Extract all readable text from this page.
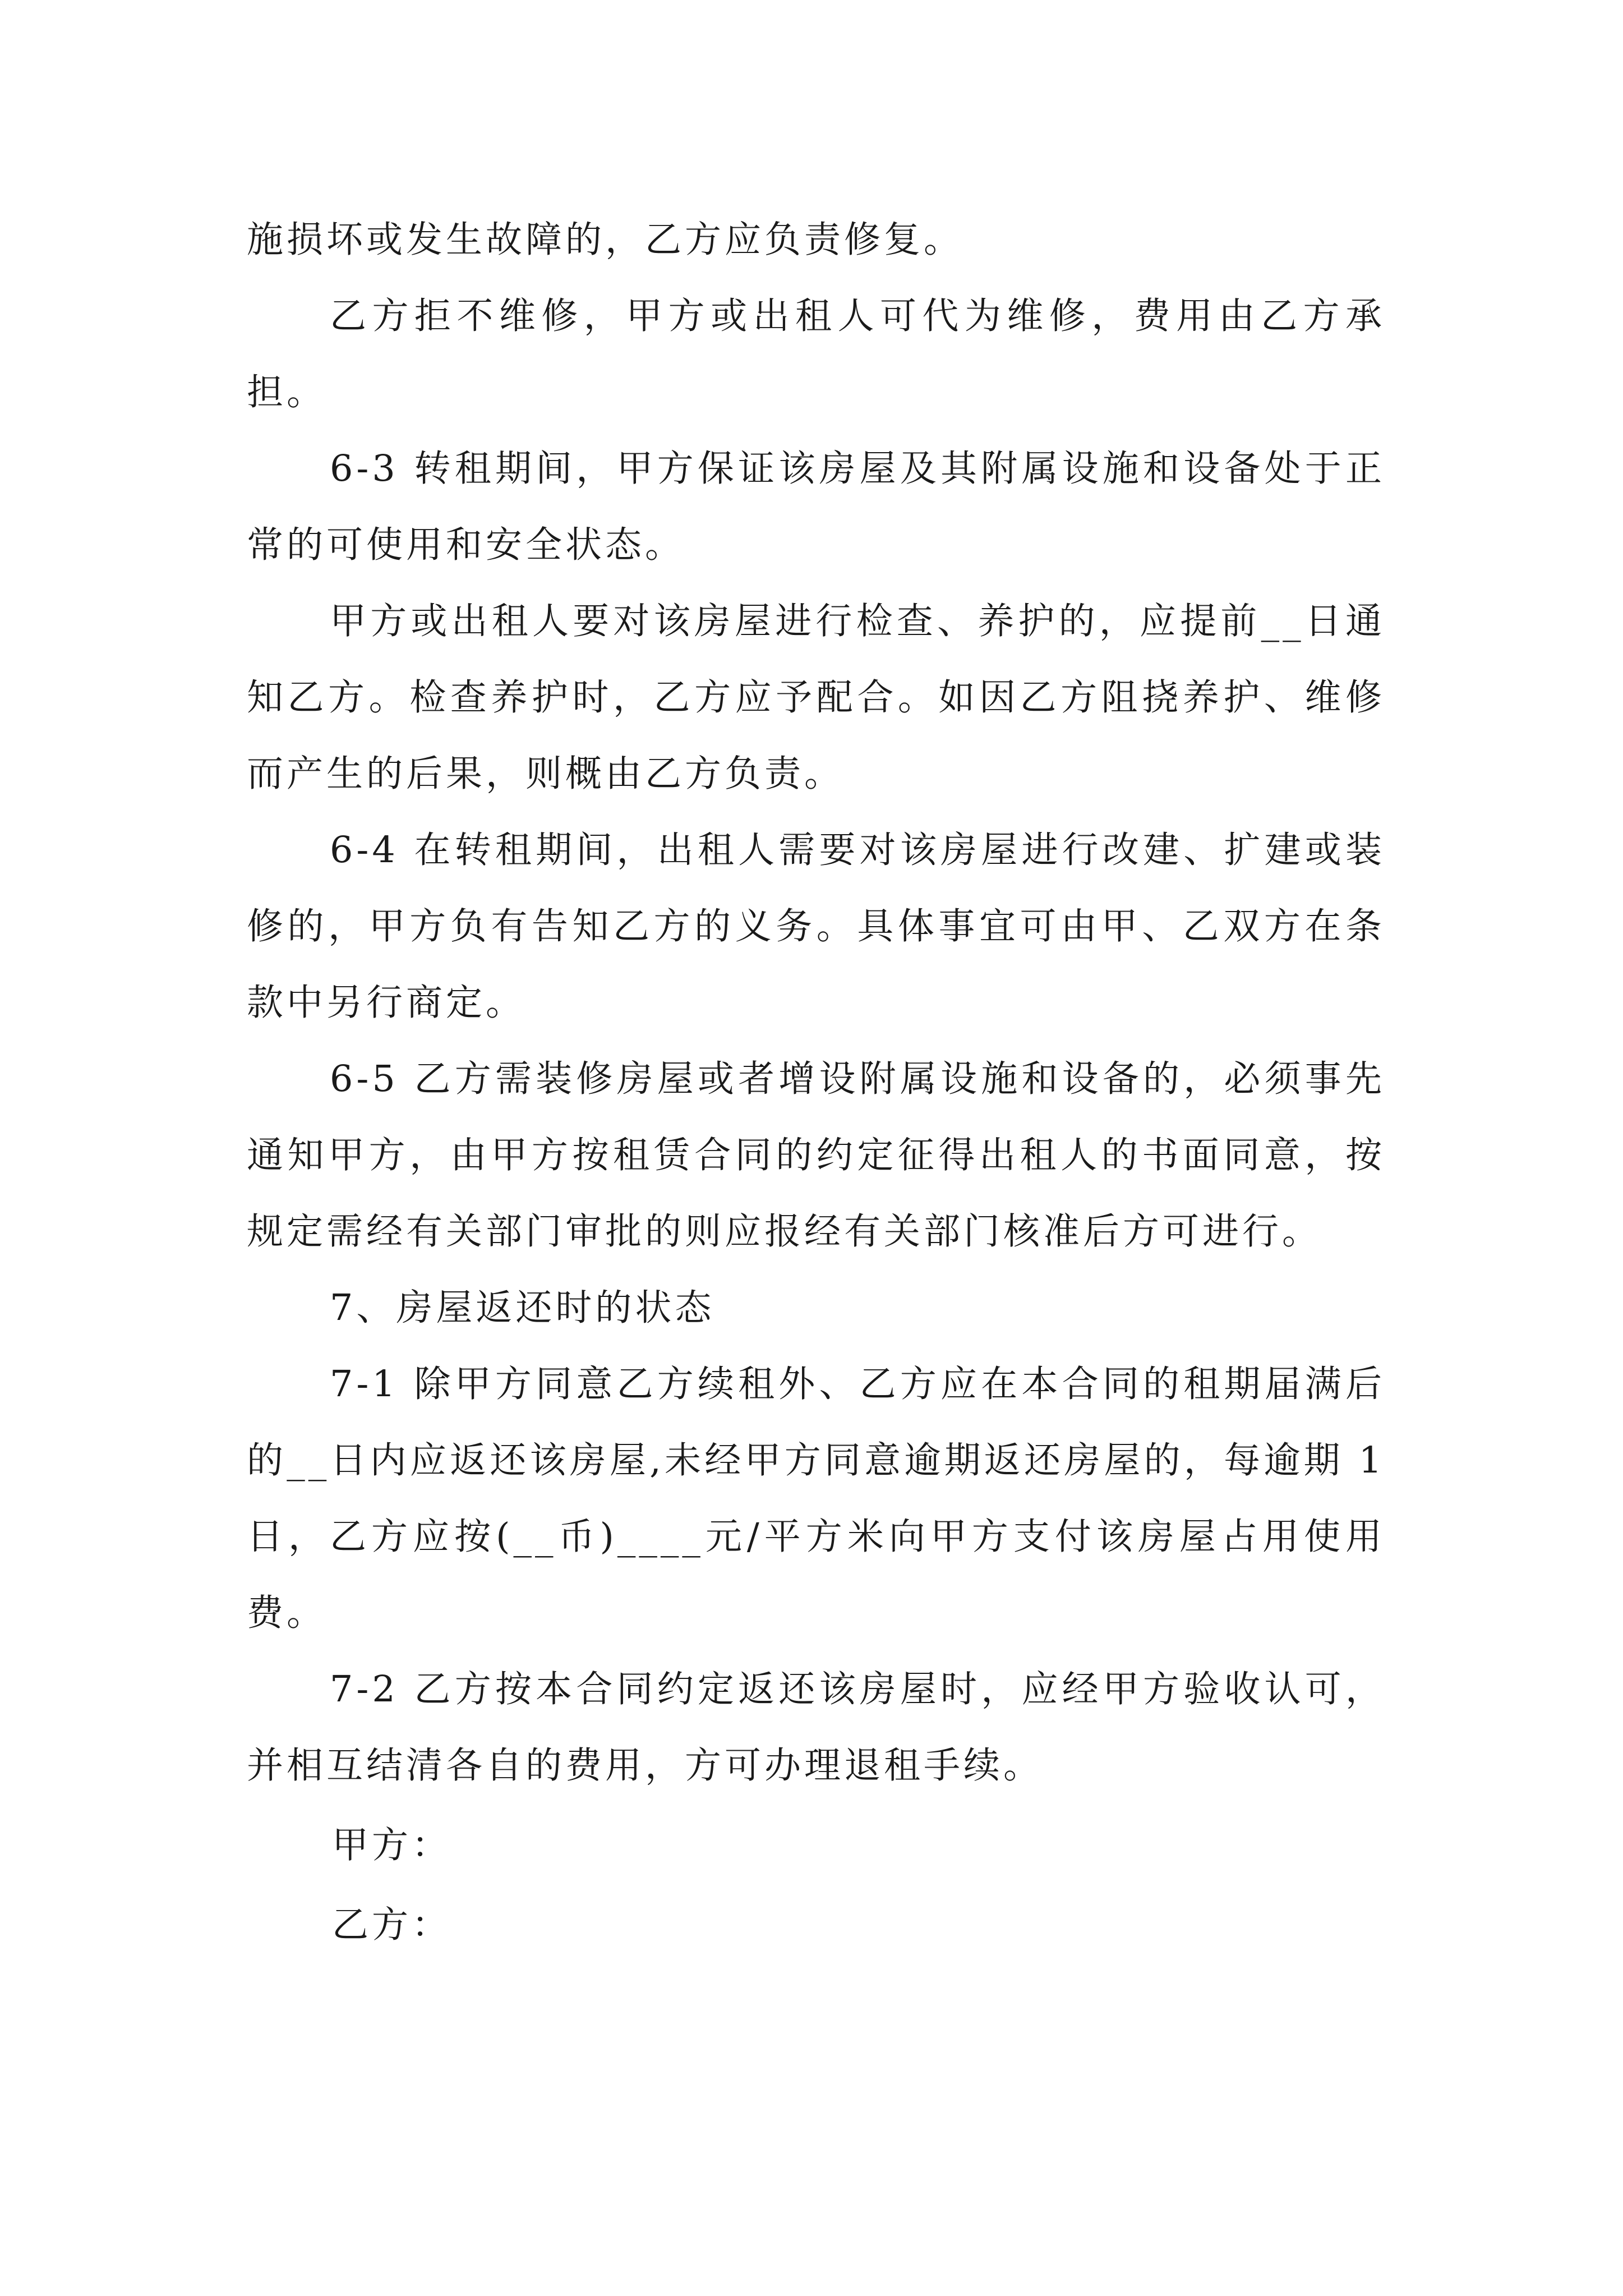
施损坏或发生故障的，乙方应负责修复。

乙方拒不维修，甲方或出租人可代为维修，费用由乙方承担。

6-3 转租期间，甲方保证该房屋及其附属设施和设备处于正常的可使用和安全状态。

甲方或出租人要对该房屋进行检查、养护的，应提前__日通知乙方。检查养护时，乙方应予配合。如因乙方阻挠养护、维修而产生的后果，则概由乙方负责。

6-4 在转租期间，出租人需要对该房屋进行改建、扩建或装修的，甲方负有告知乙方的义务。具体事宜可由甲、乙双方在条款中另行商定。

6-5 乙方需装修房屋或者增设附属设施和设备的，必须事先通知甲方，由甲方按租赁合同的约定征得出租人的书面同意，按规定需经有关部门审批的则应报经有关部门核准后方可进行。

7、房屋返还时的状态

7-1 除甲方同意乙方续租外、乙方应在本合同的租期届满后的__日内应返还该房屋,未经甲方同意逾期返还房屋的，每逾期 1 日，乙方应按(__币)____元/平方米向甲方支付该房屋占用使用费。

7-2 乙方按本合同约定返还该房屋时，应经甲方验收认可，并相互结清各自的费用，方可办理退租手续。

甲方：

乙方：
